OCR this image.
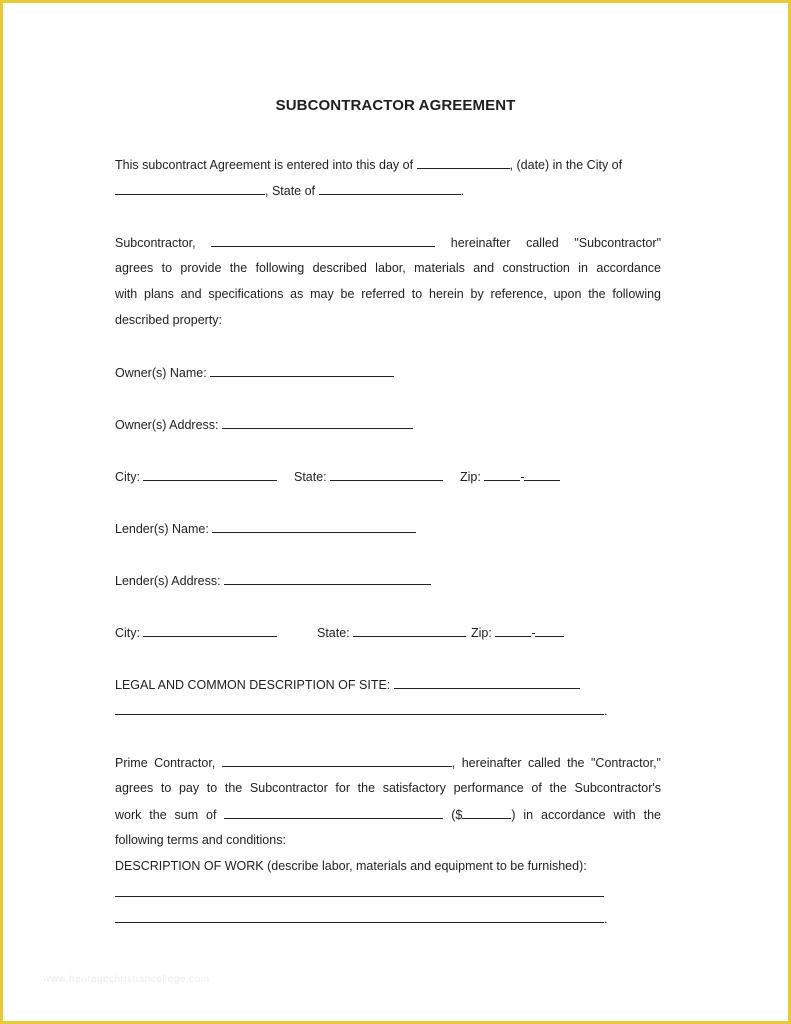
SUBCONTRACTOR AGREEMENT
This subcontract Agreement is entered into this day of	, (date) in the City of
, State of	.
Subcontractor,	hereinafter called "Subcontractor"
agrees to provide the following described labor, materials and construction in accordance
with plans and specifications as may be referred to herein by reference, upon the following
described property:
Owner(s) Name:
Owner(s) Address:
City:	State:	Zip:	-
Lender(s) Name:
Lender(s) Address:
City:	State:	Zip:	-
LEGAL AND COMMON DESCRIPTION OF SITE:
.
Prime Contractor,	, hereinafter called the "Contractor,"
agrees to pay to the Subcontractor for the satisfactory performance of the Subcontractor's
work the sum of	($	) in accordance with the
following terms and conditions:
DESCRIPTION OF WORK (describe labor, materials and equipment to be furnished):
.
www.heritagechristiancollege.com
